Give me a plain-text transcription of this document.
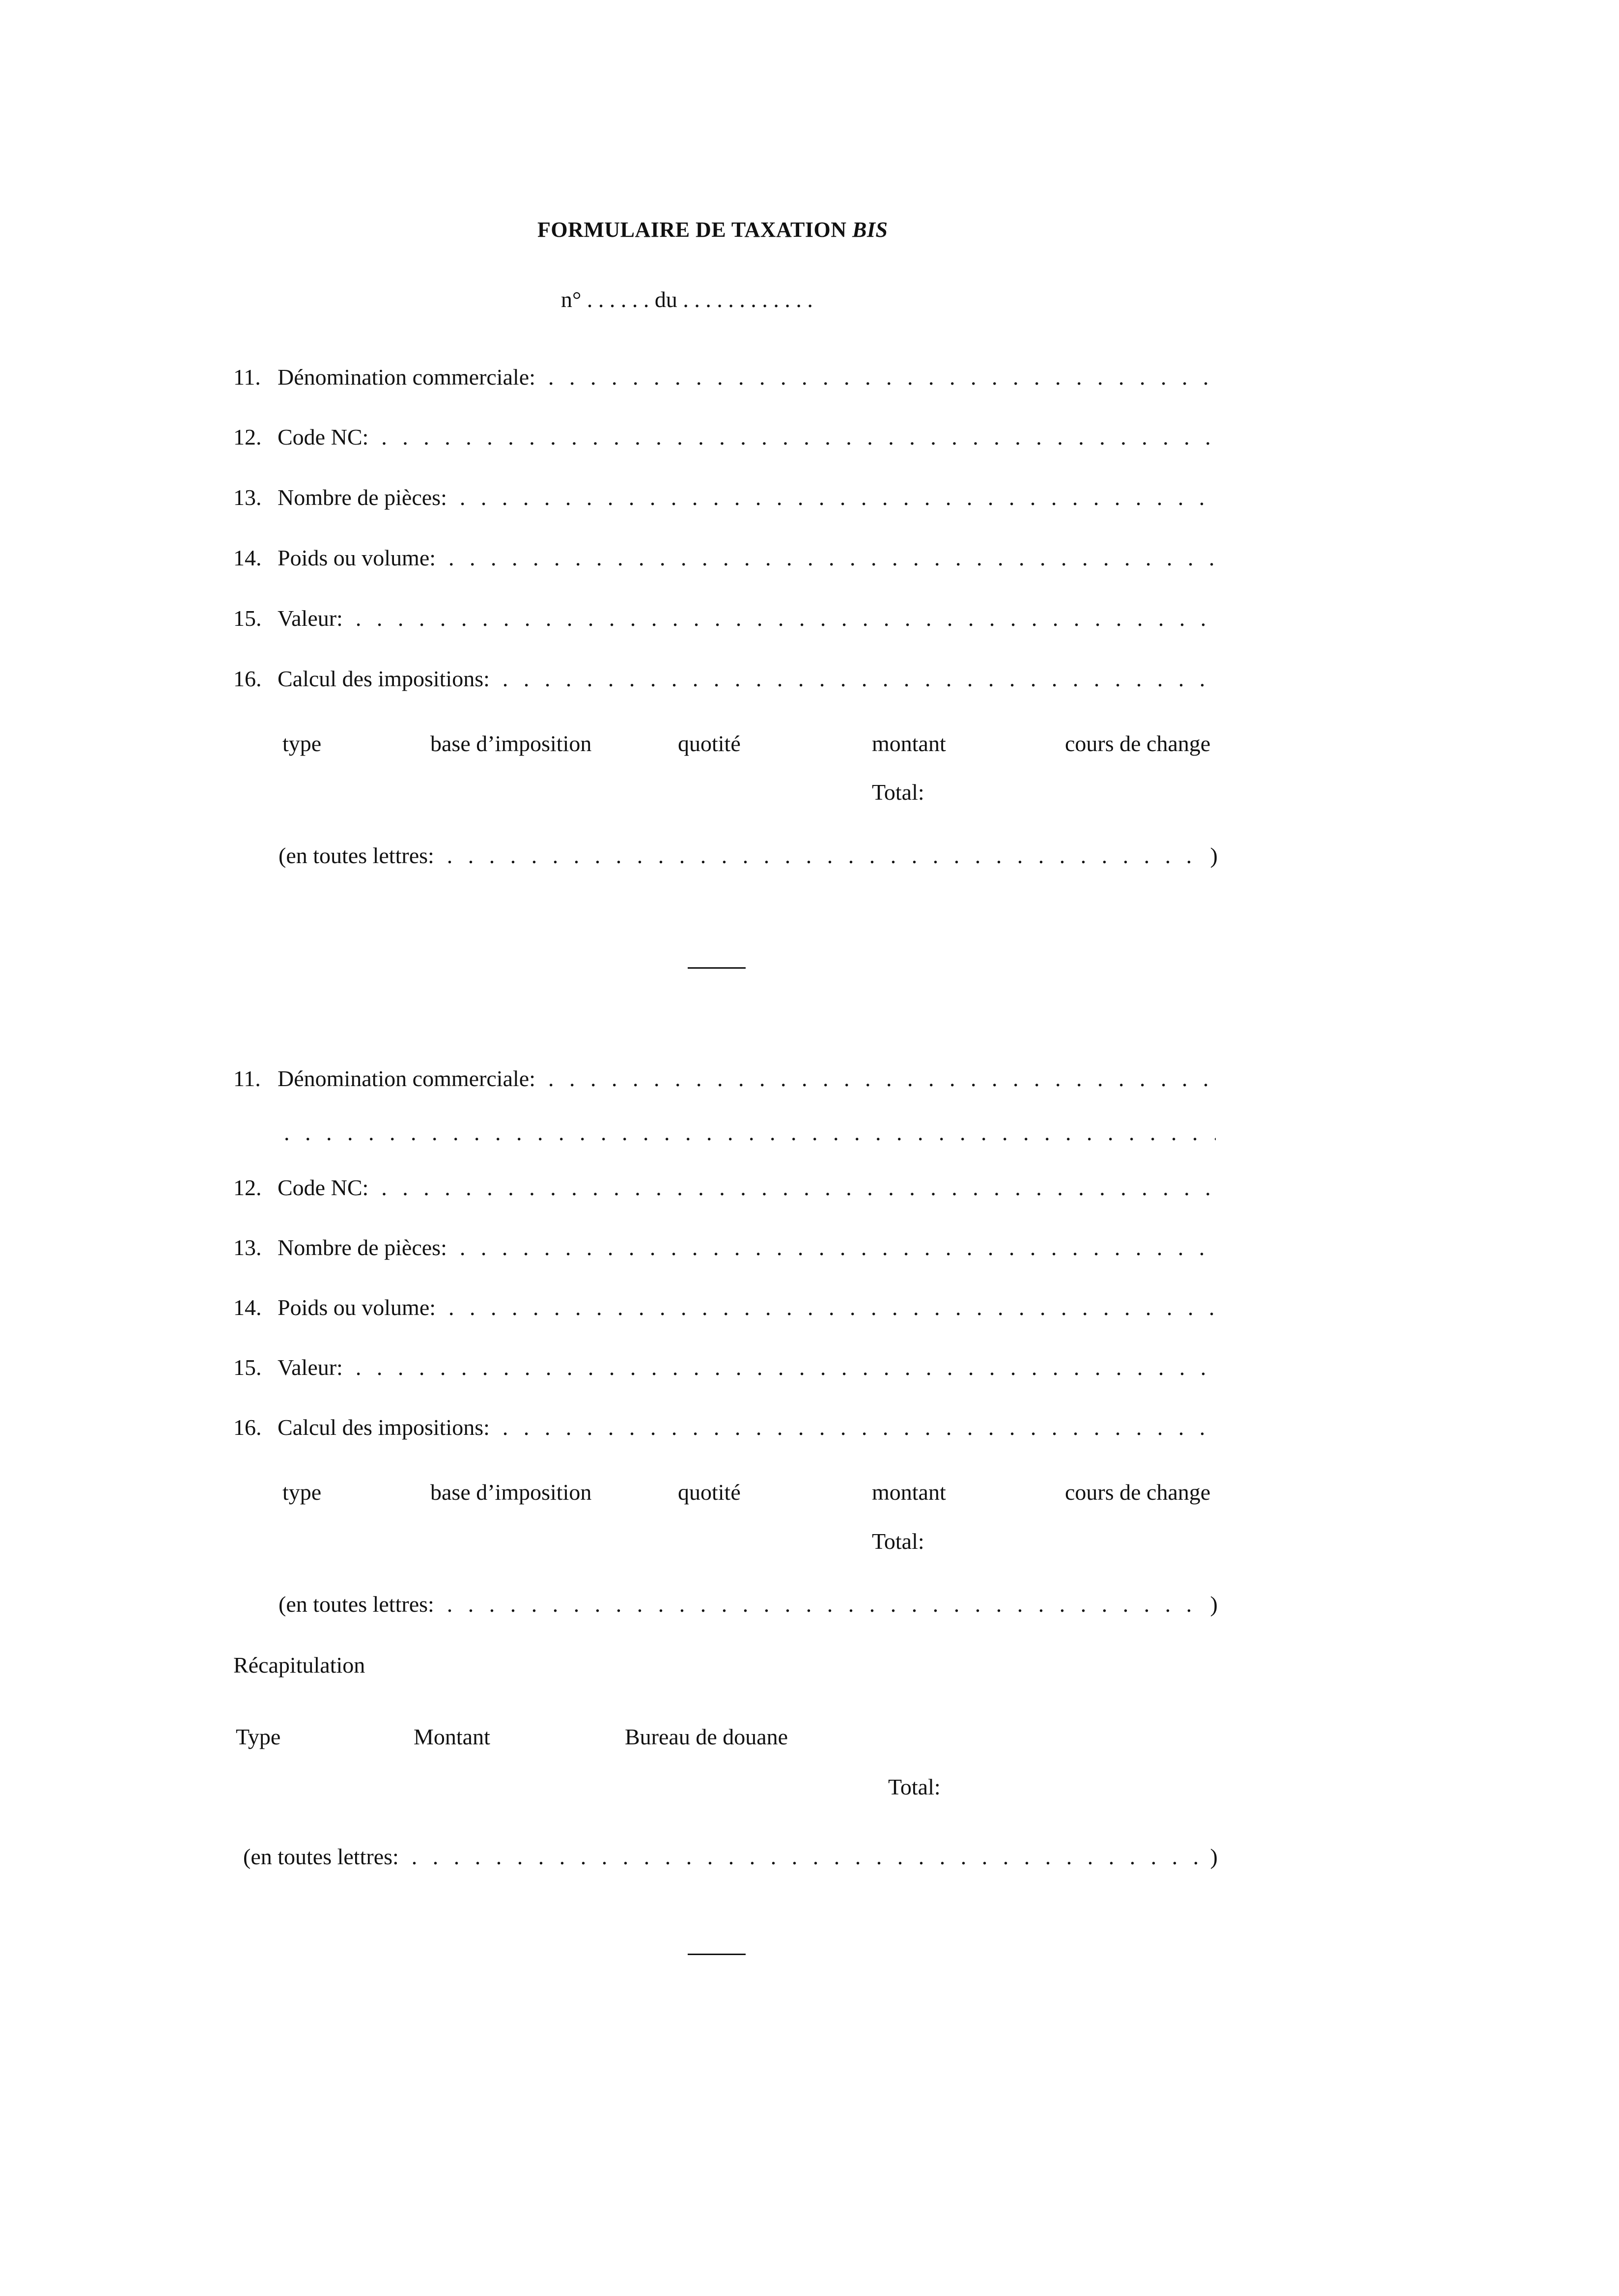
FORMULAIRE DE TAXATION BIS
n° . . . . . . du . . . . . . . . . . . .
11. Dénomination commerciale:
. . .
12. Code NC:
. . .
13. Nombre de pièces:
. . .
14. Poids ou volume:
. . .
15. Valeur:
. . .
16. Calcul des impositions:
. . .
type	base d’imposition	quotité	montant	cours de change
Total:
(en toutes lettres: . . .	)
11. Dénomination commerciale:
. . .
. . .
12. Code NC:
. . .
13. Nombre de pièces:
. . .
14. Poids ou volume:
. . .
15. Valeur:
. . .
16. Calcul des impositions:
. . .
type	base d’imposition	quotité	montant	cours de change
Total:
(en toutes lettres: . . .	)
Récapitulation
Type	Montant	Bureau de douane
Total:
(en toutes lettres: . . .	)
